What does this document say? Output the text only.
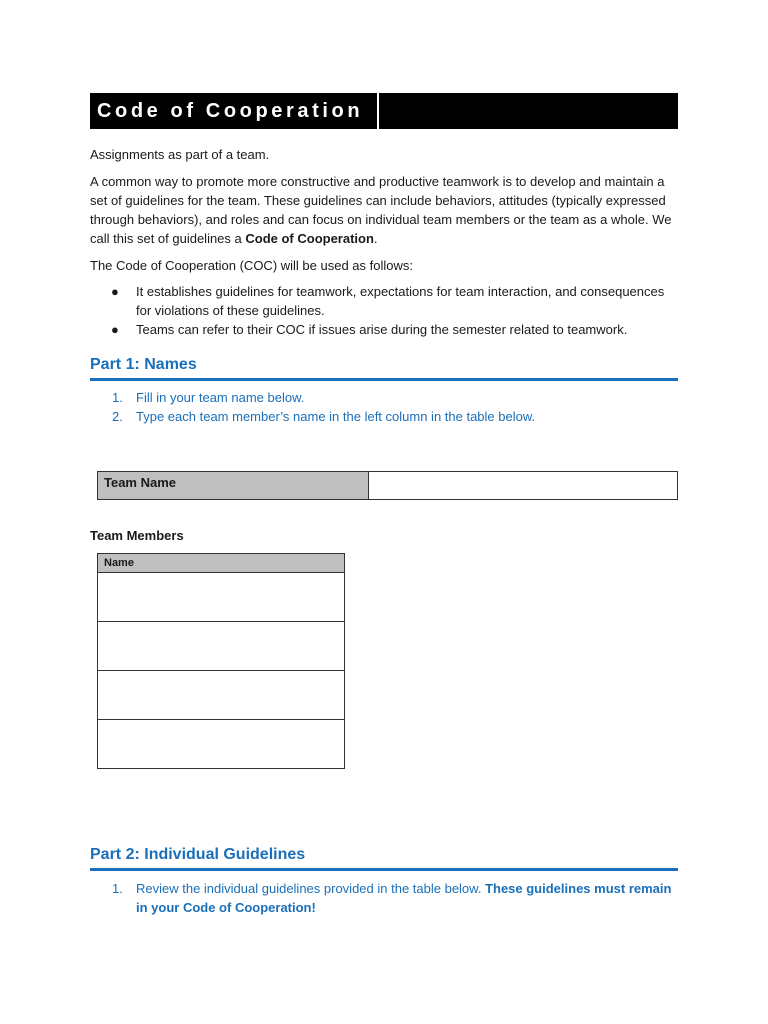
Code of Cooperation

Assignments as part of a team.

A common way to promote more constructive and productive teamwork is to develop and maintain a set of guidelines for the team. These guidelines can include behaviors, attitudes (typically expressed through behaviors), and roles and can focus on individual team members or the team as a whole. We call this set of guidelines a Code of Cooperation.

The Code of Cooperation (COC) will be used as follows:

● It establishes guidelines for teamwork, expectations for team interaction, and consequences for violations of these guidelines.
● Teams can refer to their COC if issues arise during the semester related to teamwork.
Part 1: Names
1. Fill in your team name below.
2. Type each team member’s name in the left column in the table below.
Team Name
Team Members
Name
Part 2: Individual Guidelines
1. Review the individual guidelines provided in the table below. These guidelines must remain in your Code of Cooperation!
